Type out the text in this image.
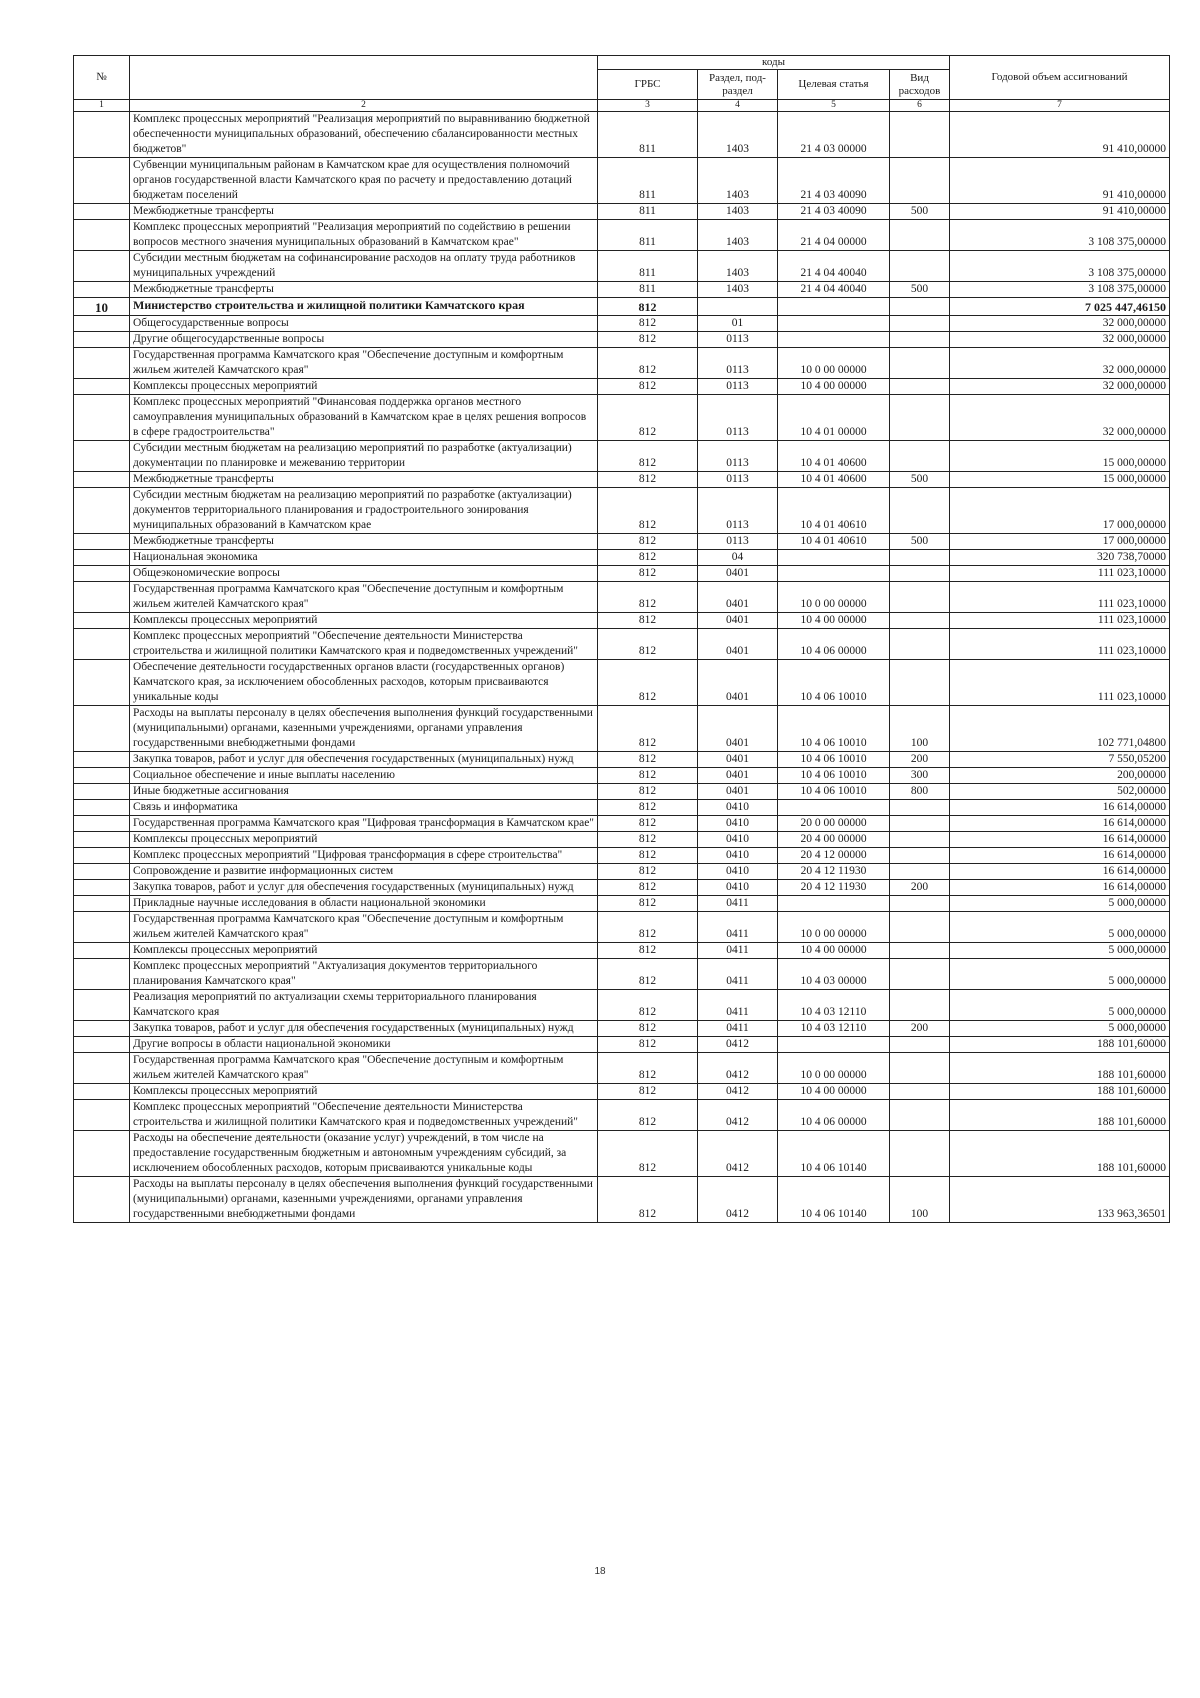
№		коды				Годовой объем ассигнований
		ГРБС	Раздел, под-раздел	Целевая статья	Вид расходов	
1	2	3	4	5	6	7
	Комплекс процессных мероприятий "Реализация мероприятий по выравниванию бюджетной обеспеченности муниципальных образований, обеспечению сбалансированности местных бюджетов"	811	1403	21 4 03 00000		91 410,00000
	Субвенции муниципальным районам в Камчатском крае для осуществления полномочий органов государственной власти Камчатского края по расчету и предоставлению дотаций бюджетам поселений	811	1403	21 4 03 40090		91 410,00000
	Межбюджетные трансферты	811	1403	21 4 03 40090	500	91 410,00000
	Комплекс процессных мероприятий "Реализация мероприятий по содействию в решении вопросов местного значения муниципальных образований в Камчатском крае"	811	1403	21 4 04 00000		3 108 375,00000
	Субсидии местным бюджетам на софинансирование расходов на оплату труда работников муниципальных учреждений	811	1403	21 4 04 40040		3 108 375,00000
	Межбюджетные трансферты	811	1403	21 4 04 40040	500	3 108 375,00000
10	Министерство строительства и жилищной политики Камчатского края	812				7 025 447,46150
	Общегосударственные вопросы	812	01			32 000,00000
	Другие общегосударственные вопросы	812	0113			32 000,00000
	Государственная программа Камчатского края "Обеспечение доступным и комфортным жильем жителей Камчатского края"	812	0113	10 0 00 00000		32 000,00000
	Комплексы процессных мероприятий	812	0113	10 4 00 00000		32 000,00000
	Комплекс процессных мероприятий "Финансовая поддержка органов местного самоуправления муниципальных образований в Камчатском крае в целях решения вопросов в сфере градостроительства"	812	0113	10 4 01 00000		32 000,00000
	Субсидии местным бюджетам на реализацию мероприятий по разработке (актуализации) документации по планировке и межеванию территории	812	0113	10 4 01 40600		15 000,00000
	Межбюджетные трансферты	812	0113	10 4 01 40600	500	15 000,00000
	Субсидии местным бюджетам на реализацию мероприятий по разработке (актуализации) документов территориального планирования и градостроительного зонирования муниципальных образований в Камчатском крае	812	0113	10 4 01 40610		17 000,00000
	Межбюджетные трансферты	812	0113	10 4 01 40610	500	17 000,00000
	Национальная экономика	812	04			320 738,70000
	Общеэкономические вопросы	812	0401			111 023,10000
	Государственная программа Камчатского края "Обеспечение доступным и комфортным жильем жителей Камчатского края"	812	0401	10 0 00 00000		111 023,10000
	Комплексы процессных мероприятий	812	0401	10 4 00 00000		111 023,10000
	Комплекс процессных мероприятий "Обеспечение деятельности Министерства строительства и жилищной политики Камчатского края и подведомственных учреждений"	812	0401	10 4 06 00000		111 023,10000
	Обеспечение деятельности государственных органов власти (государственных органов) Камчатского края, за исключением обособленных расходов, которым присваиваются уникальные коды	812	0401	10 4 06 10010		111 023,10000
	Расходы на выплаты персоналу в целях обеспечения выполнения функций государственными (муниципальными) органами, казенными учреждениями, органами управления государственными внебюджетными фондами	812	0401	10 4 06 10010	100	102 771,04800
	Закупка товаров, работ и услуг для обеспечения государственных (муниципальных) нужд	812	0401	10 4 06 10010	200	7 550,05200
	Социальное обеспечение и иные выплаты населению	812	0401	10 4 06 10010	300	200,00000
	Иные бюджетные ассигнования	812	0401	10 4 06 10010	800	502,00000
	Связь и информатика	812	0410			16 614,00000
	Государственная программа Камчатского края "Цифровая трансформация в Камчатском крае"	812	0410	20 0 00 00000		16 614,00000
	Комплексы процессных мероприятий	812	0410	20 4 00 00000		16 614,00000
	Комплекс процессных мероприятий "Цифровая трансформация в сфере строительства"	812	0410	20 4 12 00000		16 614,00000
	Сопровождение и развитие информационных систем	812	0410	20 4 12 11930		16 614,00000
	Закупка товаров, работ и услуг для обеспечения государственных (муниципальных) нужд	812	0410	20 4 12 11930	200	16 614,00000
	Прикладные научные исследования в области национальной экономики	812	0411			5 000,00000
	Государственная программа Камчатского края "Обеспечение доступным и комфортным жильем жителей Камчатского края"	812	0411	10 0 00 00000		5 000,00000
	Комплексы процессных мероприятий	812	0411	10 4 00 00000		5 000,00000
	Комплекс процессных мероприятий "Актуализация документов территориального планирования Камчатского края"	812	0411	10 4 03 00000		5 000,00000
	Реализация мероприятий по актуализации схемы территориального планирования Камчатского края	812	0411	10 4 03 12110		5 000,00000
	Закупка товаров, работ и услуг для обеспечения государственных (муниципальных) нужд	812	0411	10 4 03 12110	200	5 000,00000
	Другие вопросы в области национальной экономики	812	0412			188 101,60000
	Государственная программа Камчатского края "Обеспечение доступным и комфортным жильем жителей Камчатского края"	812	0412	10 0 00 00000		188 101,60000
	Комплексы процессных мероприятий	812	0412	10 4 00 00000		188 101,60000
	Комплекс процессных мероприятий "Обеспечение деятельности Министерства строительства и жилищной политики Камчатского края и подведомственных учреждений"	812	0412	10 4 06 00000		188 101,60000
	Расходы на обеспечение деятельности (оказание услуг) учреждений, в том числе на предоставление государственным бюджетным и автономным учреждениям субсидий, за исключением обособленных расходов, которым присваиваются уникальные коды	812	0412	10 4 06 10140		188 101,60000
	Расходы на выплаты персоналу в целях обеспечения выполнения функций государственными (муниципальными) органами, казенными учреждениями, органами управления государственными внебюджетными фондами	812	0412	10 4 06 10140	100	133 963,36501
18
